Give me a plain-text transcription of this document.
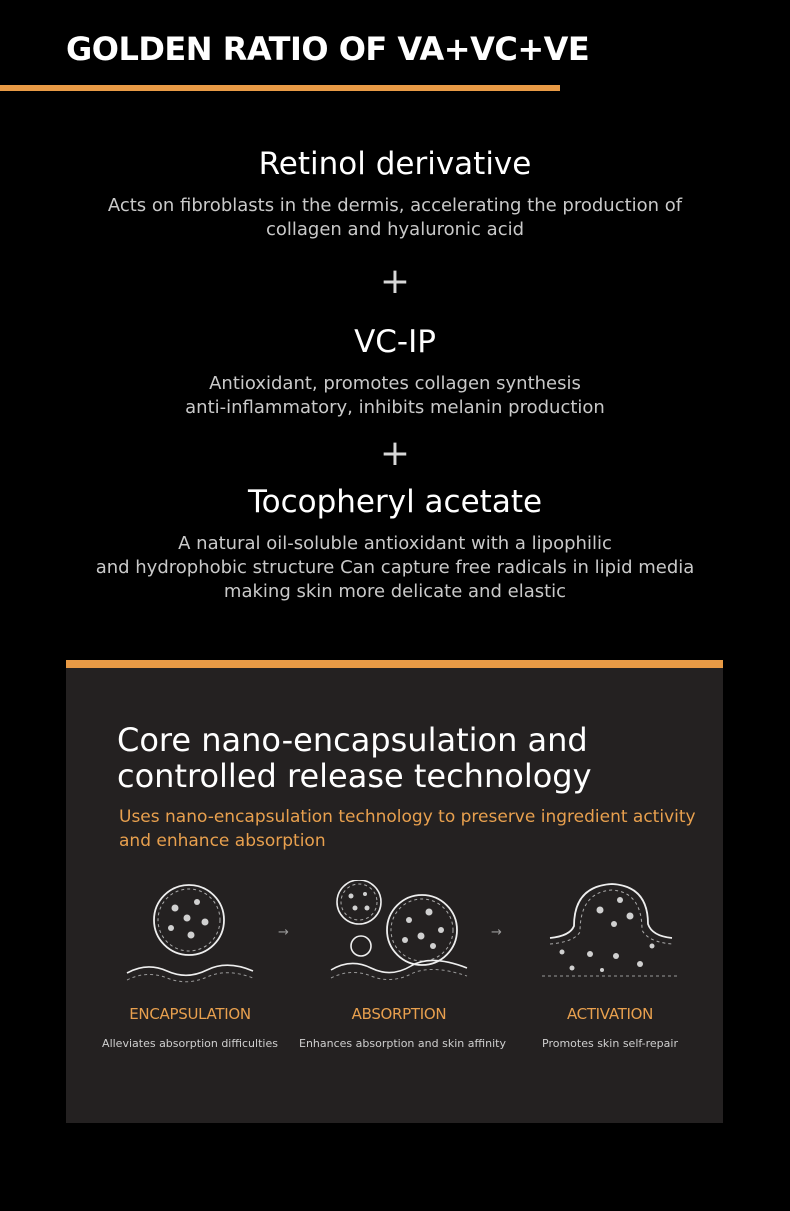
GOLDEN RATIO OF VA+VC+VE
Retinol derivative
Acts on fibroblasts in the dermis, accelerating the production of
collagen and hyaluronic acid
+
VC-IP
Antioxidant, promotes collagen synthesis
anti-inflammatory, inhibits melanin production
+
Tocopheryl acetate
A natural oil-soluble antioxidant with a lipophilic
and hydrophobic structure Can capture free radicals in lipid media
making skin more delicate and elastic
Core nano-encapsulation and
controlled release technology
Uses nano-encapsulation technology to preserve ingredient activity
and enhance absorption
ENCAPSULATION
Alleviates absorption difficulties
→
ABSORPTION
Enhances absorption and skin affinity
→
ACTIVATION
Promotes skin self-repair
